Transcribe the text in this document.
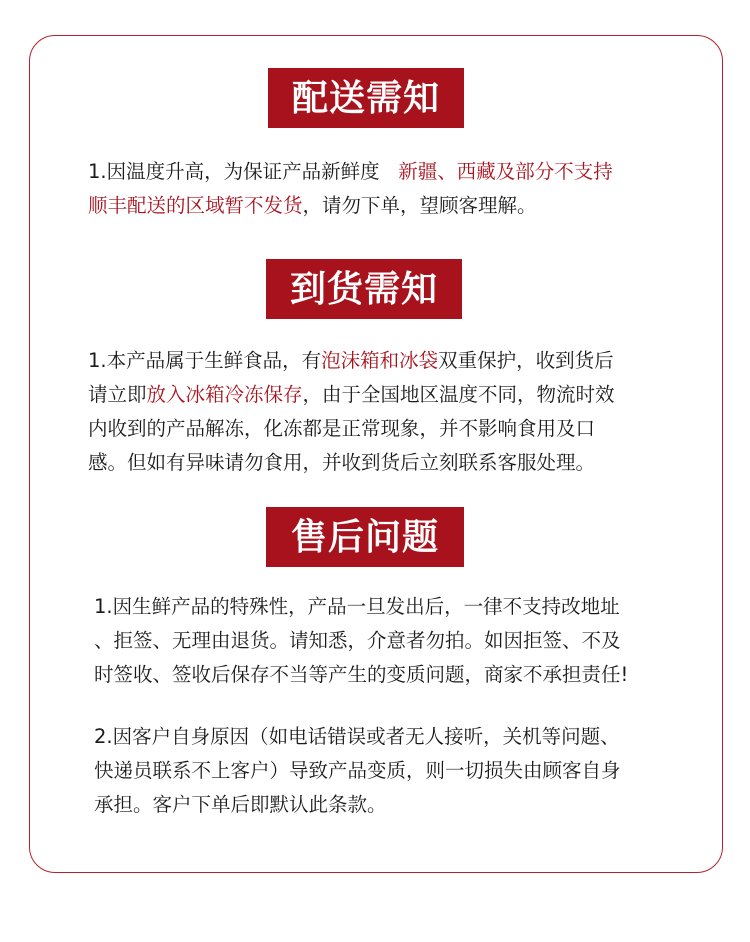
配送需知
1.因温度升高，为保证产品新鲜度 新疆、西藏及部分不支持
顺丰配送的区域暂不发货，请勿下单，望顾客理解。
到货需知
1.本产品属于生鲜食品，有泡沫箱和冰袋双重保护，收到货后
请立即放入冰箱冷冻保存，由于全国地区温度不同，物流时效
内收到的产品解冻，化冻都是正常现象，并不影响食用及口
感。但如有异味请勿食用，并收到货后立刻联系客服处理。
售后问题
1.因生鲜产品的特殊性，产品一旦发出后，一律不支持改地址
、拒签、无理由退货。请知悉，介意者勿拍。如因拒签、不及
时签收、签收后保存不当等产生的变质问题，商家不承担责任!
2.因客户自身原因（如电话错误或者无人接听，关机等问题、
快递员联系不上客户）导致产品变质，则一切损失由顾客自身
承担。客户下单后即默认此条款。
